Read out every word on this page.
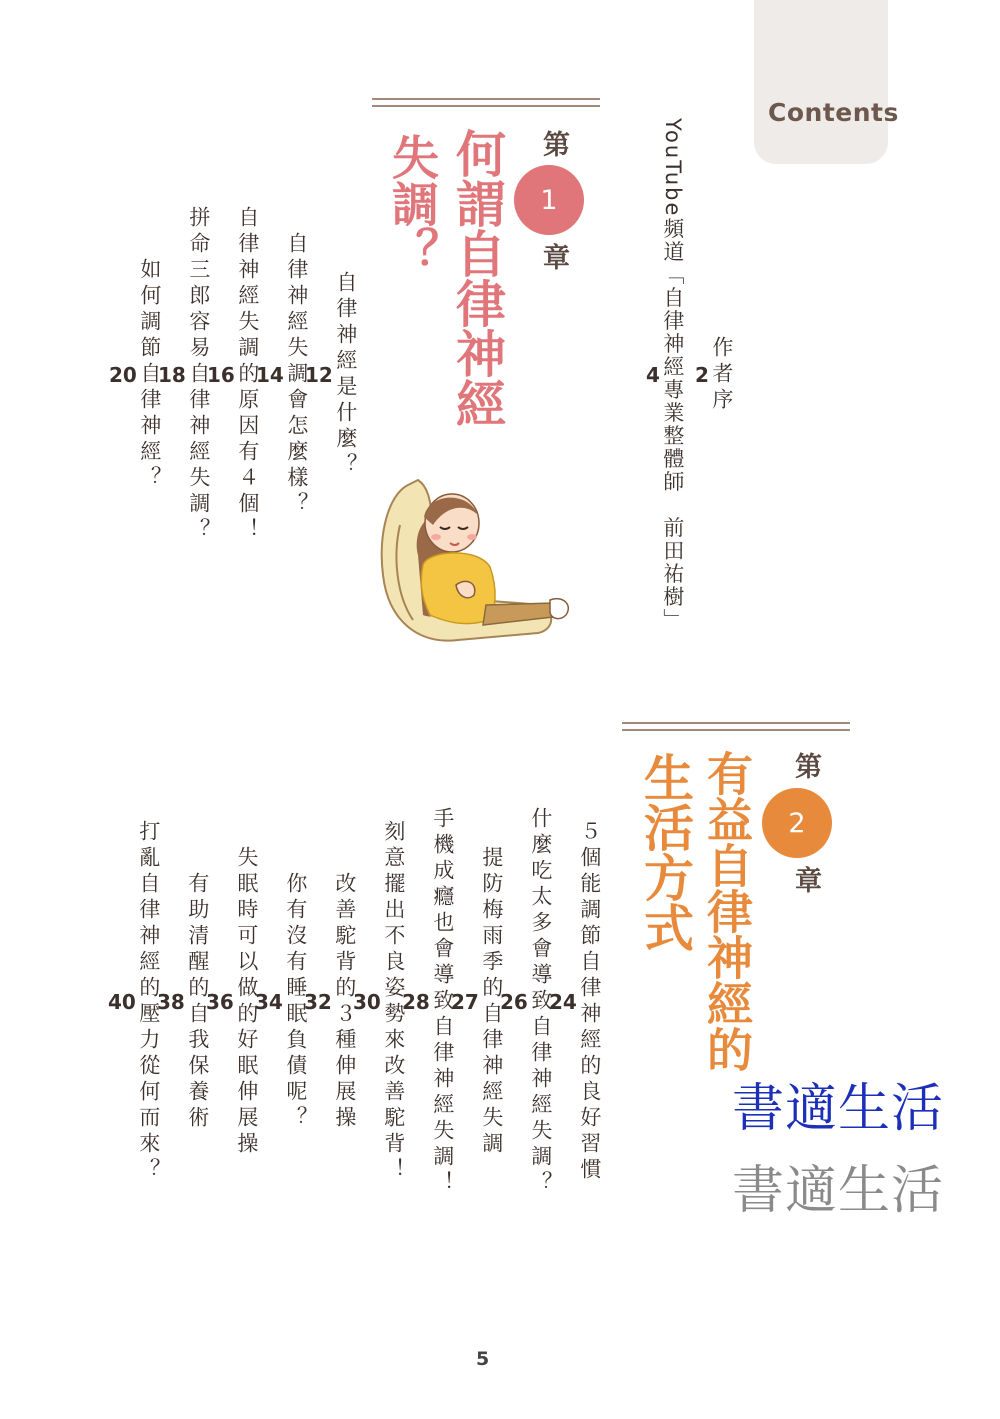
Contents
作者序
2
YouTube頻道「自律神經專業整體師　前田祐樹」
4
第
1
章
何謂自律神經
失調？
自律神經是什麼？
12
自律神經失調會怎麼樣？
14
自律神經失調的原因有４個！
16
拼命三郎容易自律神經失調？
18
如何調節自律神經？
20
第
2
章
有益自律神經的
生活方式
５個能調節自律神經的良好習慣
24
什麼吃太多會導致自律神經失調？
26
提防梅雨季的自律神經失調
27
手機成癮也會導致自律神經失調！
28
刻意擺出不良姿勢來改善駝背！
30
改善駝背的３種伸展操
32
你有沒有睡眠負債呢？
34
失眠時可以做的好眠伸展操
36
有助清醒的自我保養術
38
打亂自律神經的壓力從何而來？
40
書適生活
書適生活
5
